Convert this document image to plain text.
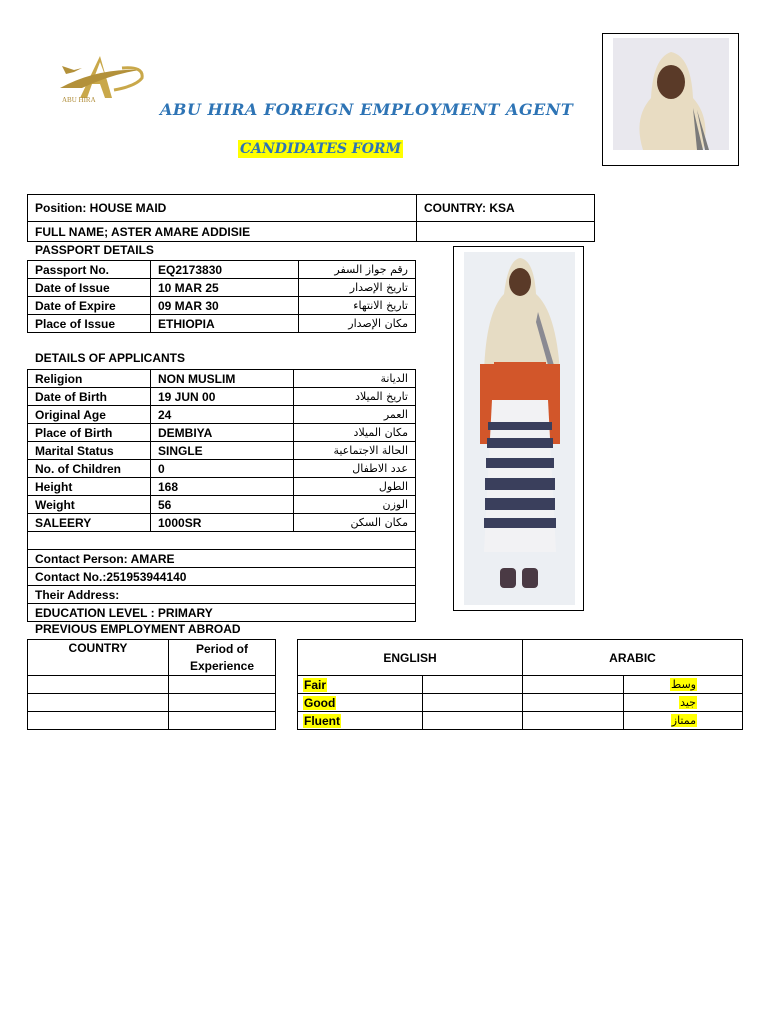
ABU HIRA	ABU HIRA FOREIGN EMPLOYMENT AGENT
CANDIDATES FORM
Position: HOUSE MAID	COUNTRY: KSA
FULL NAME; ASTER AMARE ADDISIE	
PASSPORT DETAILS
Passport No.	EQ2173830	رقم جواز السفر
Date of Issue	10 MAR 25	تاريخ الإصدار
Date of Expire	09 MAR 30	تاريخ الانتهاء
Place of Issue	ETHIOPIA	مكان الإصدار
DETAILS OF APPLICANTS
Religion	NON MUSLIM	الديانة
Date of Birth	19 JUN 00	تاريخ الميلاد
Original Age	24	العمر
Place of Birth	DEMBIYA	مكان الميلاد
Marital Status	SINGLE	الحالة الاجتماعية
No. of Children	0	عدد الاطفال
Height	168	الطول
Weight	56	الوزن
SALEERY	1000SR	مكان السكن

Contact Person: AMARE
Contact No.:251953944140
Their Address:
EDUCATION LEVEL : PRIMARY
PREVIOUS EMPLOYMENT ABROAD
COUNTRY	Period of Experience

ENGLISH		ARABIC	
Fair			وسط
Good			جيد
Fluent			ممتاز
